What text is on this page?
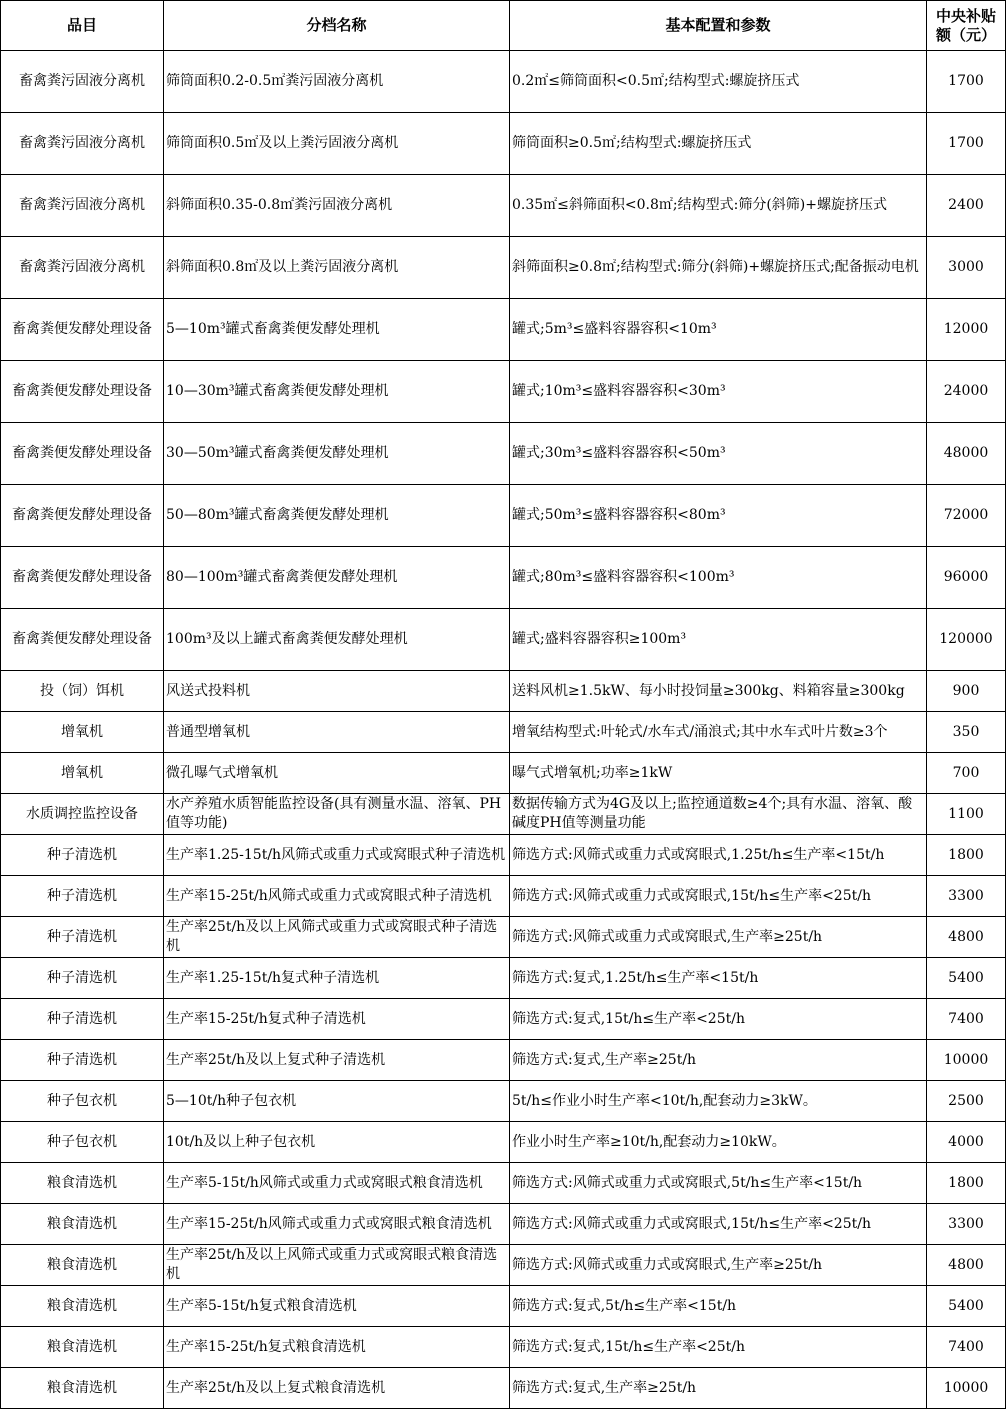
品目	分档名称	基本配置和参数	中央补贴额（元）
畜禽粪污固液分离机	筛筒面积0.2-0.5㎡粪污固液分离机	0.2㎡≤筛筒面积<0.5㎡;结构型式:螺旋挤压式	1700
畜禽粪污固液分离机	筛筒面积0.5㎡及以上粪污固液分离机	筛筒面积≥0.5㎡;结构型式:螺旋挤压式	1700
畜禽粪污固液分离机	斜筛面积0.35-0.8㎡粪污固液分离机	0.35㎡≤斜筛面积<0.8㎡;结构型式:筛分(斜筛)+螺旋挤压式	2400
畜禽粪污固液分离机	斜筛面积0.8㎡及以上粪污固液分离机	斜筛面积≥0.8㎡;结构型式:筛分(斜筛)+螺旋挤压式;配备振动电机	3000
畜禽粪便发酵处理设备	5—10m³罐式畜禽粪便发酵处理机	罐式;5m³≤盛料容器容积<10m³	12000
畜禽粪便发酵处理设备	10—30m³罐式畜禽粪便发酵处理机	罐式;10m³≤盛料容器容积<30m³	24000
畜禽粪便发酵处理设备	30—50m³罐式畜禽粪便发酵处理机	罐式;30m³≤盛料容器容积<50m³	48000
畜禽粪便发酵处理设备	50—80m³罐式畜禽粪便发酵处理机	罐式;50m³≤盛料容器容积<80m³	72000
畜禽粪便发酵处理设备	80—100m³罐式畜禽粪便发酵处理机	罐式;80m³≤盛料容器容积<100m³	96000
畜禽粪便发酵处理设备	100m³及以上罐式畜禽粪便发酵处理机	罐式;盛料容器容积≥100m³	120000
投（饲）饵机	风送式投料机	送料风机≥1.5kW、每小时投饲量≥300kg、料箱容量≥300kg	900
增氧机	普通型增氧机	增氧结构型式:叶轮式/水车式/涌浪式;其中水车式叶片数≥3个	350
增氧机	微孔曝气式增氧机	曝气式增氧机;功率≥1kW	700
水质调控监控设备	水产养殖水质智能监控设备(具有测量水温、溶氧、PH值等功能)	数据传输方式为4G及以上;监控通道数≥4个;具有水温、溶氧、酸碱度PH值等测量功能	1100
种子清选机	生产率1.25-15t/h风筛式或重力式或窝眼式种子清选机	筛选方式:风筛式或重力式或窝眼式,1.25t/h≤生产率<15t/h	1800
种子清选机	生产率15-25t/h风筛式或重力式或窝眼式种子清选机	筛选方式:风筛式或重力式或窝眼式,15t/h≤生产率<25t/h	3300
种子清选机	生产率25t/h及以上风筛式或重力式或窝眼式种子清选机	筛选方式:风筛式或重力式或窝眼式,生产率≥25t/h	4800
种子清选机	生产率1.25-15t/h复式种子清选机	筛选方式:复式,1.25t/h≤生产率<15t/h	5400
种子清选机	生产率15-25t/h复式种子清选机	筛选方式:复式,15t/h≤生产率<25t/h	7400
种子清选机	生产率25t/h及以上复式种子清选机	筛选方式:复式,生产率≥25t/h	10000
种子包衣机	5—10t/h种子包衣机	5t/h≤作业小时生产率<10t/h,配套动力≥3kW。	2500
种子包衣机	10t/h及以上种子包衣机	作业小时生产率≥10t/h,配套动力≥10kW。	4000
粮食清选机	生产率5-15t/h风筛式或重力式或窝眼式粮食清选机	筛选方式:风筛式或重力式或窝眼式,5t/h≤生产率<15t/h	1800
粮食清选机	生产率15-25t/h风筛式或重力式或窝眼式粮食清选机	筛选方式:风筛式或重力式或窝眼式,15t/h≤生产率<25t/h	3300
粮食清选机	生产率25t/h及以上风筛式或重力式或窝眼式粮食清选机	筛选方式:风筛式或重力式或窝眼式,生产率≥25t/h	4800
粮食清选机	生产率5-15t/h复式粮食清选机	筛选方式:复式,5t/h≤生产率<15t/h	5400
粮食清选机	生产率15-25t/h复式粮食清选机	筛选方式:复式,15t/h≤生产率<25t/h	7400
粮食清选机	生产率25t/h及以上复式粮食清选机	筛选方式:复式,生产率≥25t/h	10000
